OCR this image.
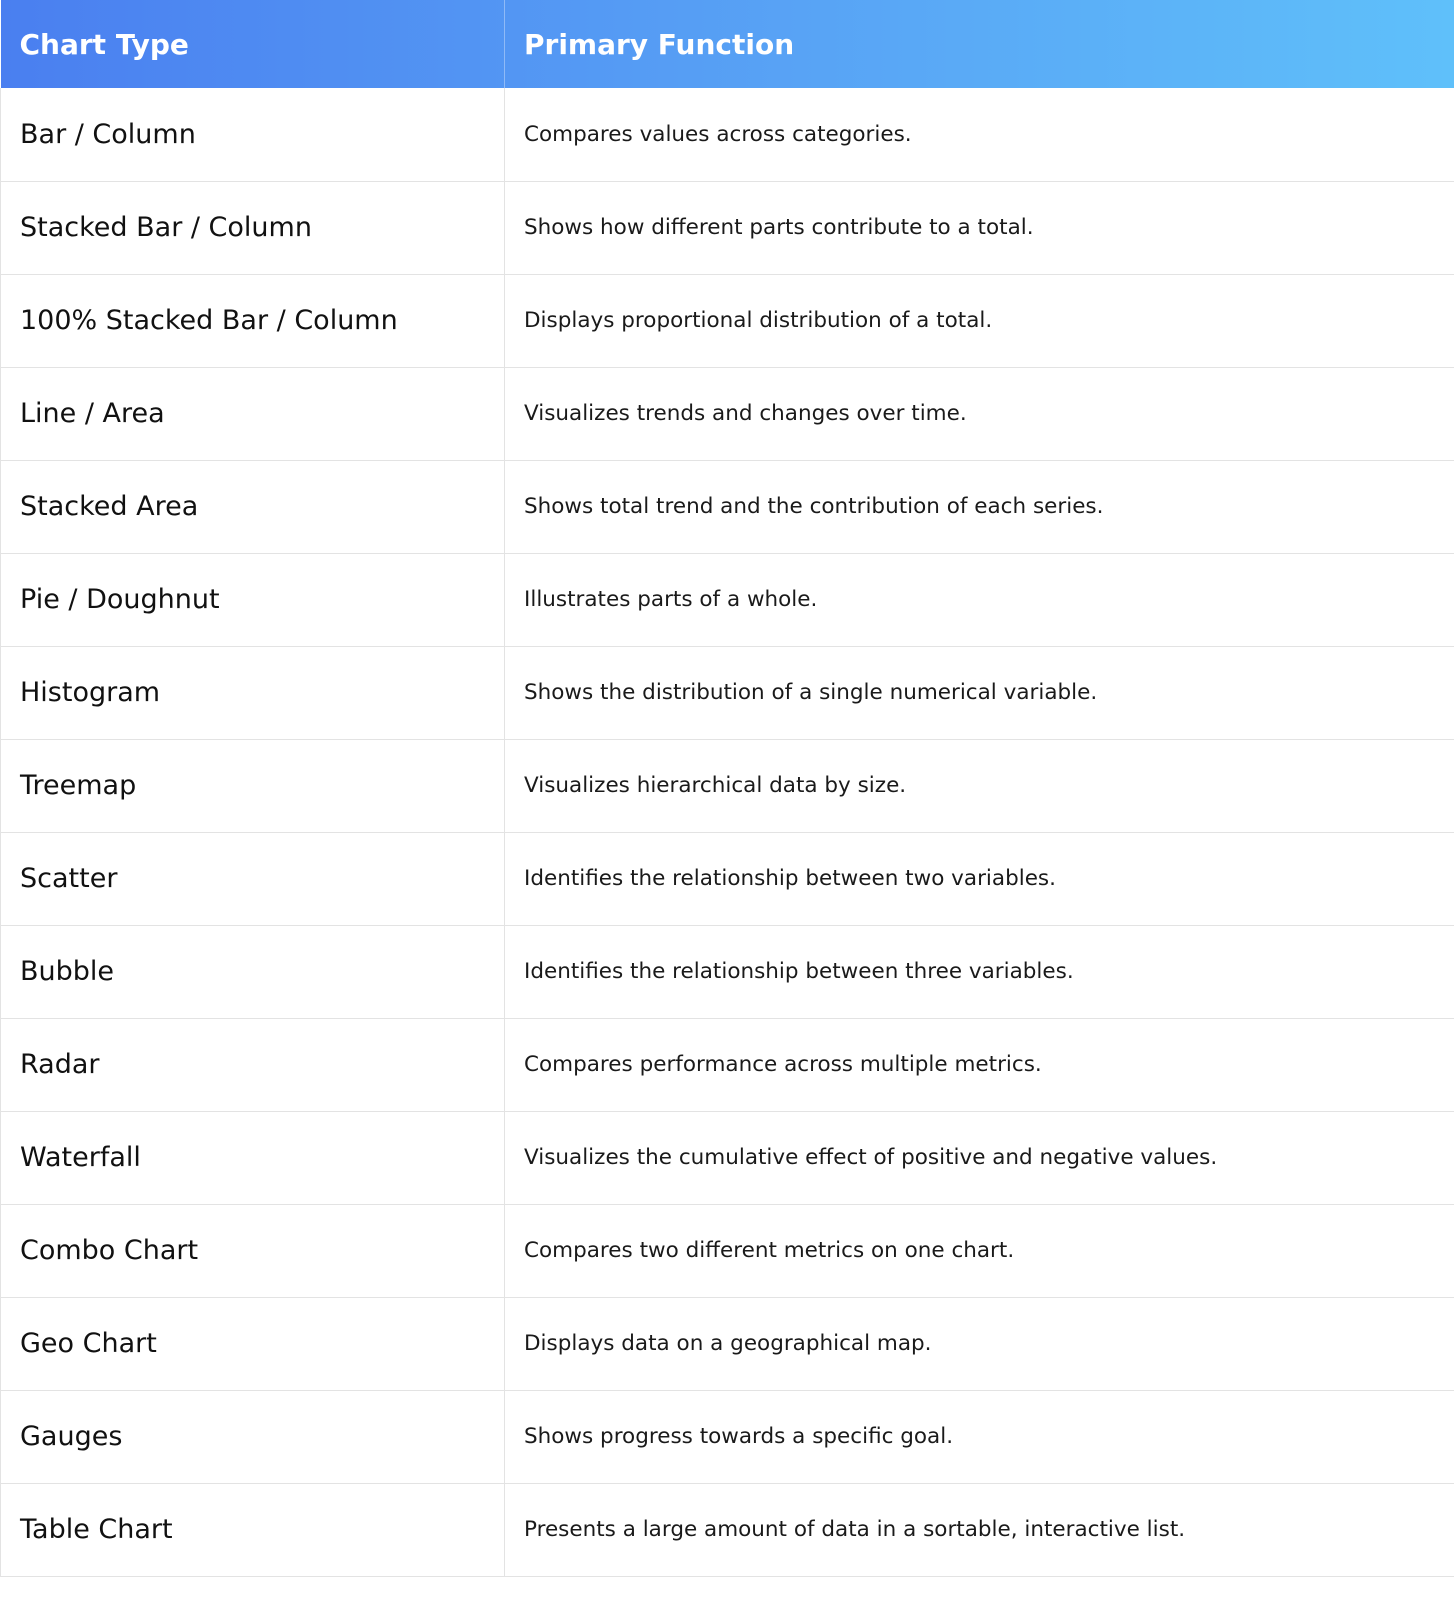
Chart Type	Primary Function
Bar / Column	Compares values across categories.
Stacked Bar / Column	Shows how different parts contribute to a total.
100% Stacked Bar / Column	Displays proportional distribution of a total.
Line / Area	Visualizes trends and changes over time.
Stacked Area	Shows total trend and the contribution of each series.
Pie / Doughnut	Illustrates parts of a whole.
Histogram	Shows the distribution of a single numerical variable.
Treemap	Visualizes hierarchical data by size.
Scatter	Identifies the relationship between two variables.
Bubble	Identifies the relationship between three variables.
Radar	Compares performance across multiple metrics.
Waterfall	Visualizes the cumulative effect of positive and negative values.
Combo Chart	Compares two different metrics on one chart.
Geo Chart	Displays data on a geographical map.
Gauges	Shows progress towards a specific goal.
Table Chart	Presents a large amount of data in a sortable, interactive list.
